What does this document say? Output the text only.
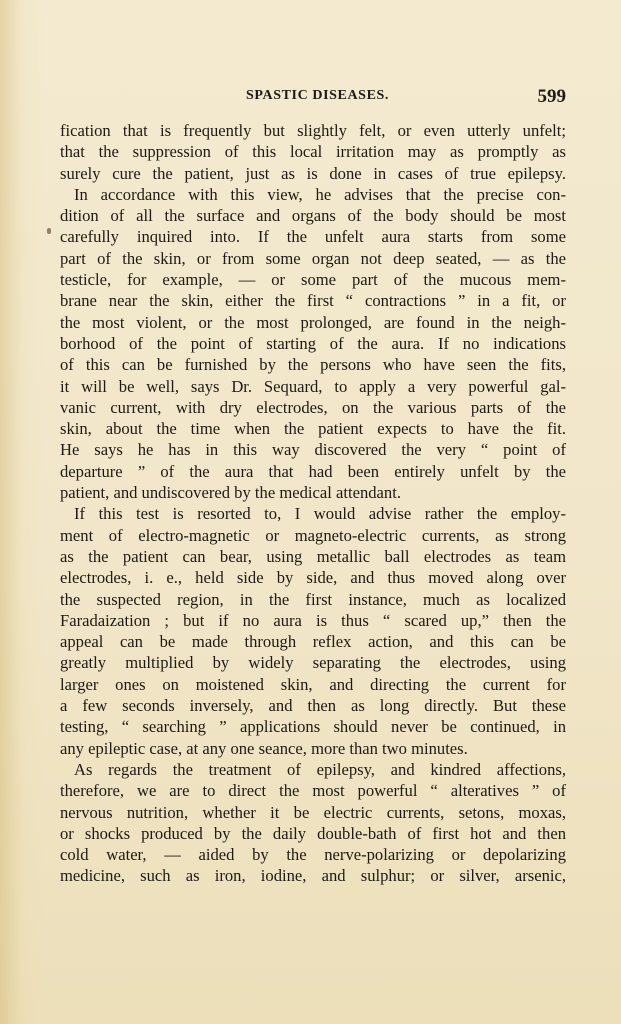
SPASTIC DISEASES.	599
fication that is frequently but slightly felt, or even utterly unfelt;
that the suppression of this local irritation may as promptly as
surely cure the patient, just as is done in cases of true epilepsy.
In accordance with this view, he advises that the precise con-
dition of all the surface and organs of the body should be most
carefully inquired into. If the unfelt aura starts from some
part of the skin, or from some organ not deep seated, — as the
testicle, for example, — or some part of the mucous mem-
brane near the skin, either the first “ contractions ” in a fit, or
the most violent, or the most prolonged, are found in the neigh-
borhood of the point of starting of the aura. If no indications
of this can be furnished by the persons who have seen the fits,
it will be well, says Dr. Sequard, to apply a very powerful gal-
vanic current, with dry electrodes, on the various parts of the
skin, about the time when the patient expects to have the fit.
He says he has in this way discovered the very “ point of
departure ” of the aura that had been entirely unfelt by the
patient, and undiscovered by the medical attendant.
If this test is resorted to, I would advise rather the employ-
ment of electro-magnetic or magneto-electric currents, as strong
as the patient can bear, using metallic ball electrodes as team
electrodes, i. e., held side by side, and thus moved along over
the suspected region, in the first instance, much as localized
Faradaization ; but if no aura is thus “ scared up,” then the
appeal can be made through reflex action, and this can be
greatly multiplied by widely separating the electrodes, using
larger ones on moistened skin, and directing the current for
a few seconds inversely, and then as long directly. But these
testing, “ searching ” applications should never be continued, in
any epileptic case, at any one seance, more than two minutes.
As regards the treatment of epilepsy, and kindred affections,
therefore, we are to direct the most powerful “ alteratives ” of
nervous nutrition, whether it be electric currents, setons, moxas,
or shocks produced by the daily double-bath of first hot and then
cold water, — aided by the nerve-polarizing or depolarizing
medicine, such as iron, iodine, and sulphur; or silver, arsenic,
